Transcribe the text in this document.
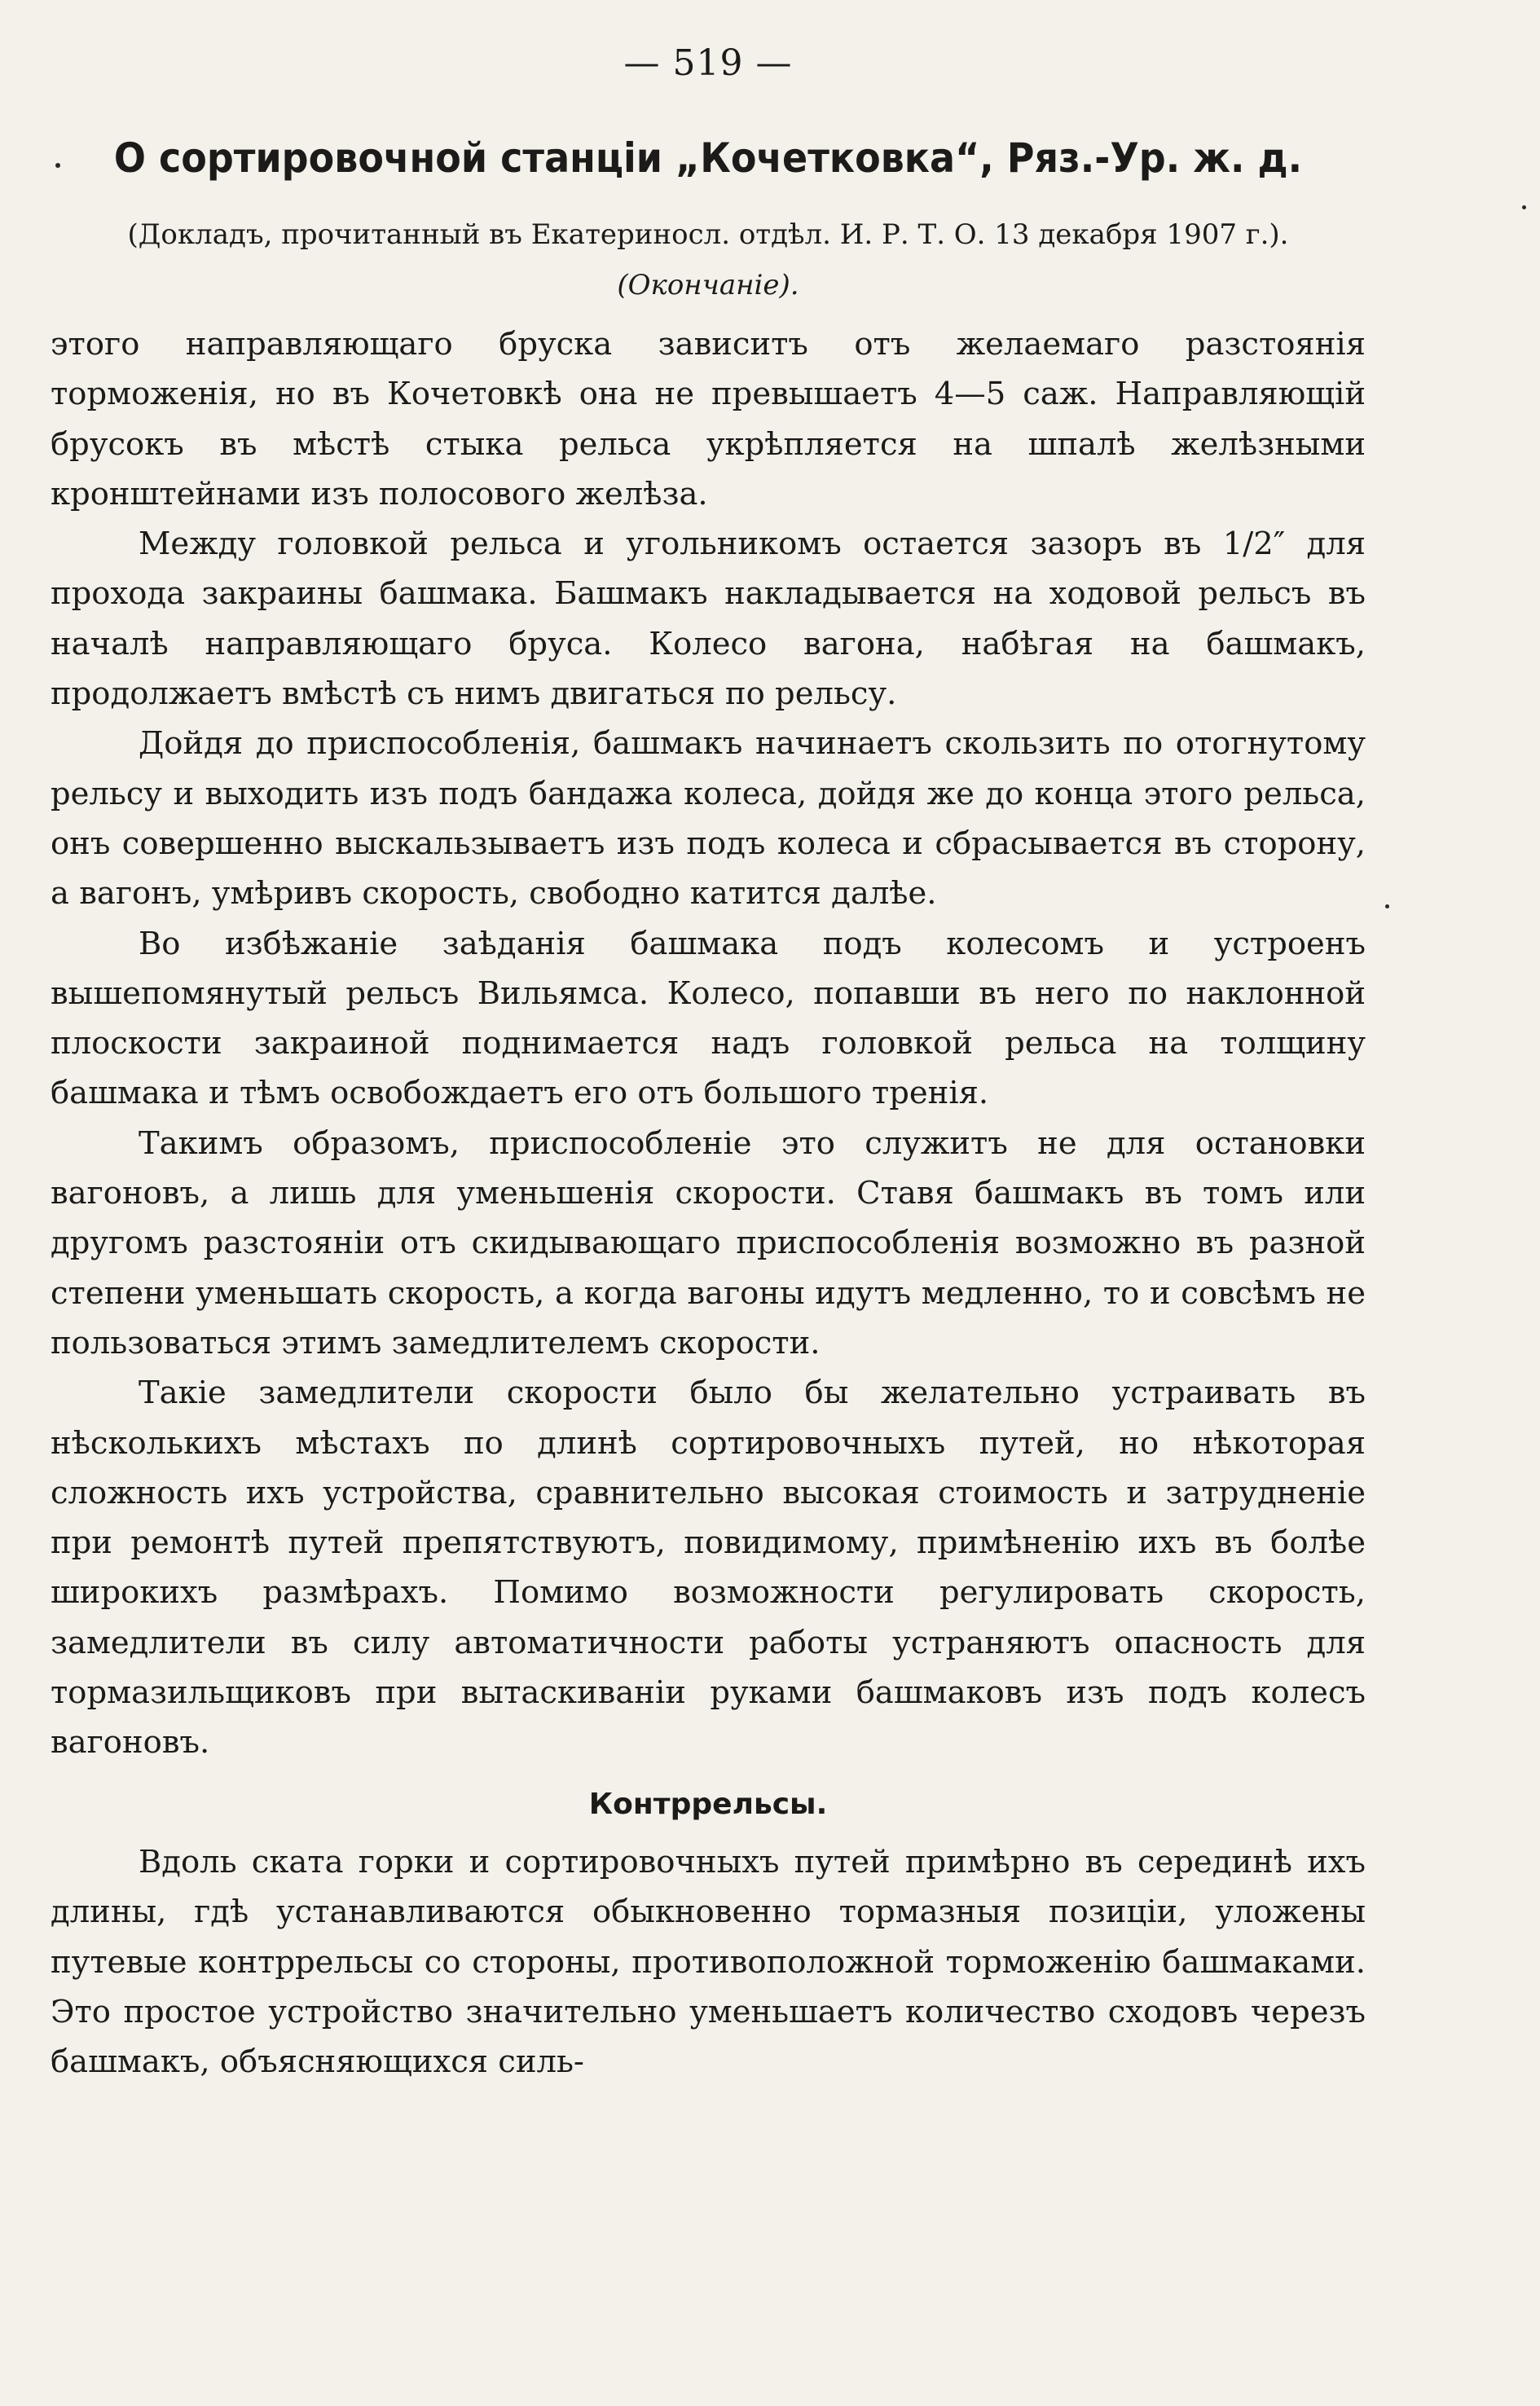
— 519 —
О сортировочной станціи „Кочетковка“, Ряз.-Ур. ж. д.
(Докладъ, прочитанный въ Екатериносл. отдѣл. И. Р. Т. О. 13 декабря 1907 г.).
(Окончаніе).

этого направляющаго бруска зависитъ отъ желаемаго разстоянія торможенія, но въ Кочетовкѣ она не превышаетъ 4—5 саж. Направляющій брусокъ въ мѣстѣ стыка рельса укрѣпляется на шпалѣ желѣзными кронштейнами изъ полосового желѣза.

Между головкой рельса и угольникомъ остается зазоръ въ 1/2″ для прохода закраины башмака. Башмакъ накладывается на ходовой рельсъ въ началѣ направляющаго бруса. Колесо вагона, набѣгая на башмакъ, продолжаетъ вмѣстѣ съ нимъ двигаться по рельсу.

Дойдя до приспособленія, башмакъ начинаетъ скользить по отогнутому рельсу и выходить изъ подъ бандажа колеса, дойдя же до конца этого рельса, онъ совершенно выскальзываетъ изъ подъ колеса и сбрасывается въ сторону, а вагонъ, умѣривъ скорость, свободно катится далѣе.

Во избѣжаніе заѣданія башмака подъ колесомъ и устроенъ вышепомянутый рельсъ Вильямса. Колесо, попавши въ него по наклонной плоскости закраиной поднимается надъ головкой рельса на толщину башмака и тѣмъ освобождаетъ его отъ большого тренія.

Такимъ образомъ, приспособленіе это служитъ не для остановки вагоновъ, а лишь для уменьшенія скорости. Ставя башмакъ въ томъ или другомъ разстояніи отъ скидывающаго приспособленія возможно въ разной степени уменьшать скорость, а когда вагоны идутъ медленно, то и совсѣмъ не пользоваться этимъ замедлителемъ скорости.

Такіе замедлители скорости было бы желательно устраивать въ нѣсколькихъ мѣстахъ по длинѣ сортировочныхъ путей, но нѣкоторая сложность ихъ устройства, сравнительно высокая стоимость и затрудненіе при ремонтѣ путей препятствуютъ, повидимому, примѣненію ихъ въ болѣе широкихъ размѣрахъ. Помимо возможности регулировать скорость, замедлители въ силу автоматичности работы устраняютъ опасность для тормазильщиковъ при вытаскиваніи руками башмаковъ изъ подъ колесъ вагоновъ.

Контррельсы.

Вдоль ската горки и сортировочныхъ путей примѣрно въ серединѣ ихъ длины, гдѣ устанавливаются обыкновенно тормазныя позиціи, уложены путевые контррельсы со стороны, противоположной торможенію башмаками. Это простое устройство значительно уменьшаетъ количество сходовъ черезъ башмакъ, объясняющихся силь-
